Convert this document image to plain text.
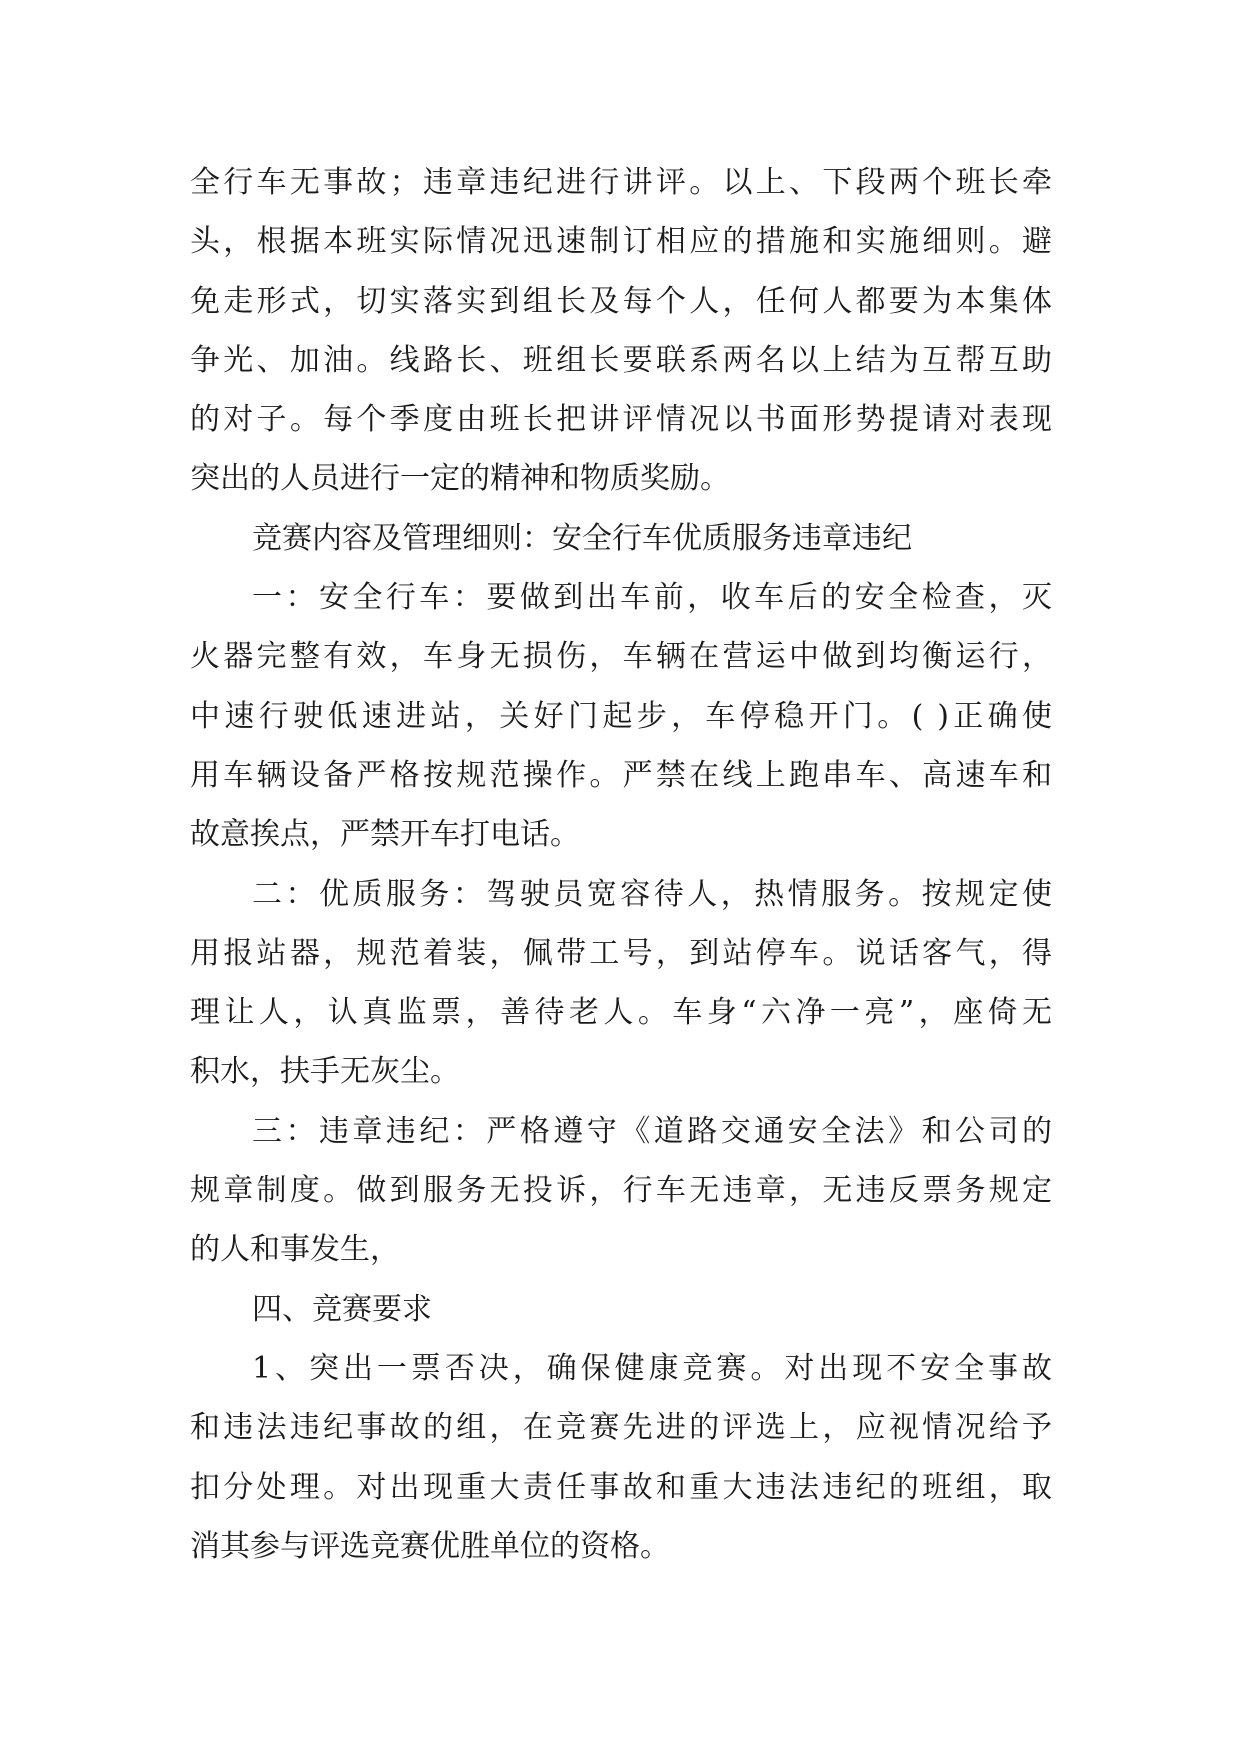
全行车无事故；违章违纪进行讲评。以上、下段两个班长牵
头，根据本班实际情况迅速制订相应的措施和实施细则。避
免走形式，切实落实到组长及每个人，任何人都要为本集体
争光、加油。线路长、班组长要联系两名以上结为互帮互助
的对子。每个季度由班长把讲评情况以书面形势提请对表现
突出的人员进行一定的精神和物质奖励。
竞赛内容及管理细则：安全行车优质服务违章违纪
一：安全行车：要做到出车前，收车后的安全检查，灭
火器完整有效，车身无损伤，车辆在营运中做到均衡运行，
中速行驶低速进站，关好门起步，车停稳开门。( )正确使
用车辆设备严格按规范操作。严禁在线上跑串车、高速车和
故意挨点，严禁开车打电话。
二：优质服务：驾驶员宽容待人，热情服务。按规定使
用报站器，规范着装，佩带工号，到站停车。说话客气，得
理让人，认真监票，善待老人。车身“六净一亮”，座倚无
积水，扶手无灰尘。
三：违章违纪：严格遵守《道路交通安全法》和公司的
规章制度。做到服务无投诉，行车无违章，无违反票务规定
的人和事发生，
四、竞赛要求
1、突出一票否决，确保健康竞赛。对出现不安全事故
和违法违纪事故的组，在竞赛先进的评选上，应视情况给予
扣分处理。对出现重大责任事故和重大违法违纪的班组，取
消其参与评选竞赛优胜单位的资格。
